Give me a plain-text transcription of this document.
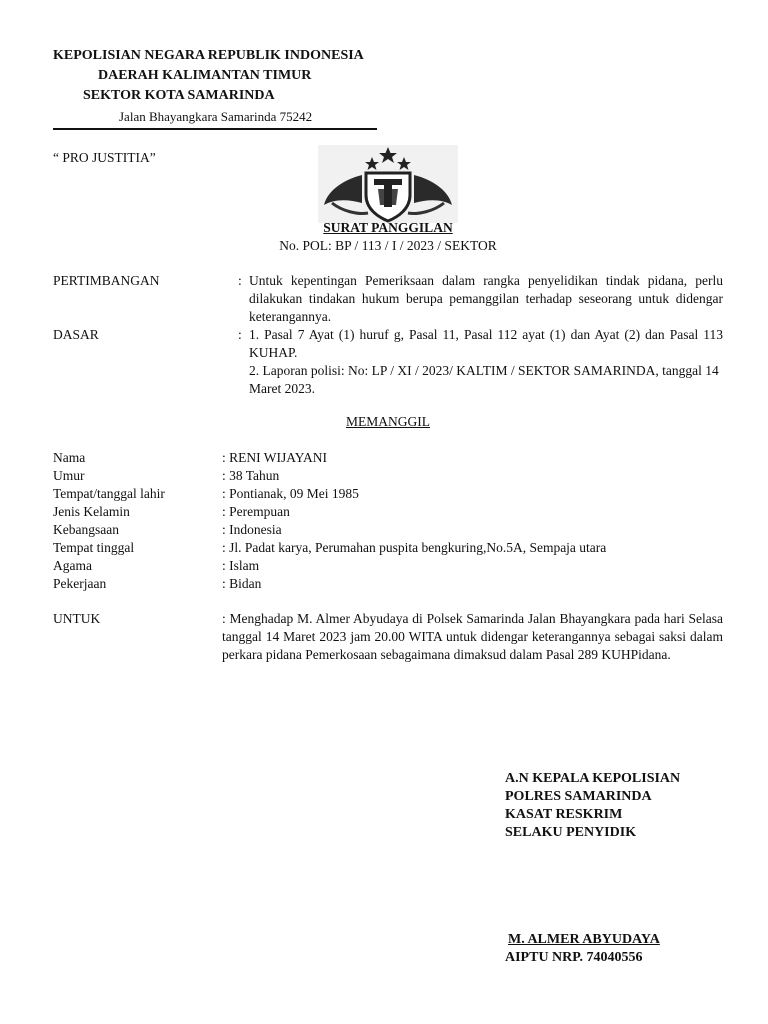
KEPOLISIAN NEGARA REPUBLIK INDONESIA
DAERAH KALIMANTAN TIMUR
SEKTOR KOTA SAMARINDA
Jalan Bhayangkara Samarinda 75242
“ PRO JUSTITIA”
SURAT PANGGILAN
No. POL: BP / 113 / I / 2023 / SEKTOR
PERTIMBANGAN	: Untuk kepentingan Pemeriksaan dalam rangka penyelidikan tindak pidana, perlu dilakukan tindakan hukum berupa pemanggilan terhadap seseorang untuk didengar keterangannya.
DASAR	: 1. Pasal 7 Ayat (1) huruf g, Pasal 11, Pasal 112 ayat (1) dan Ayat (2) dan Pasal 113 KUHAP.
2. Laporan polisi: No: LP / XI / 2023/ KALTIM / SEKTOR SAMARINDA, tanggal 14 Maret 2023.
MEMANGGIL
Nama	: RENI WIJAYANI
Umur	: 38 Tahun
Tempat/tanggal lahir	: Pontianak, 09 Mei 1985
Jenis Kelamin	: Perempuan
Kebangsaan	: Indonesia
Tempat tinggal	: Jl. Padat karya, Perumahan puspita bengkuring,No.5A, Sempaja utara
Agama	: Islam
Pekerjaan	: Bidan
UNTUK	: Menghadap M. Almer Abyudaya di Polsek Samarinda Jalan Bhayangkara pada hari Selasa tanggal 14 Maret 2023 jam 20.00 WITA untuk didengar keterangannya sebagai saksi dalam perkara pidana Pemerkosaan sebagaimana dimaksud dalam Pasal 289 KUHPidana.
A.N KEPALA KEPOLISIAN
POLRES SAMARINDA
KASAT RESKRIM
SELAKU PENYIDIK
M. ALMER ABYUDAYA
AIPTU NRP. 74040556
